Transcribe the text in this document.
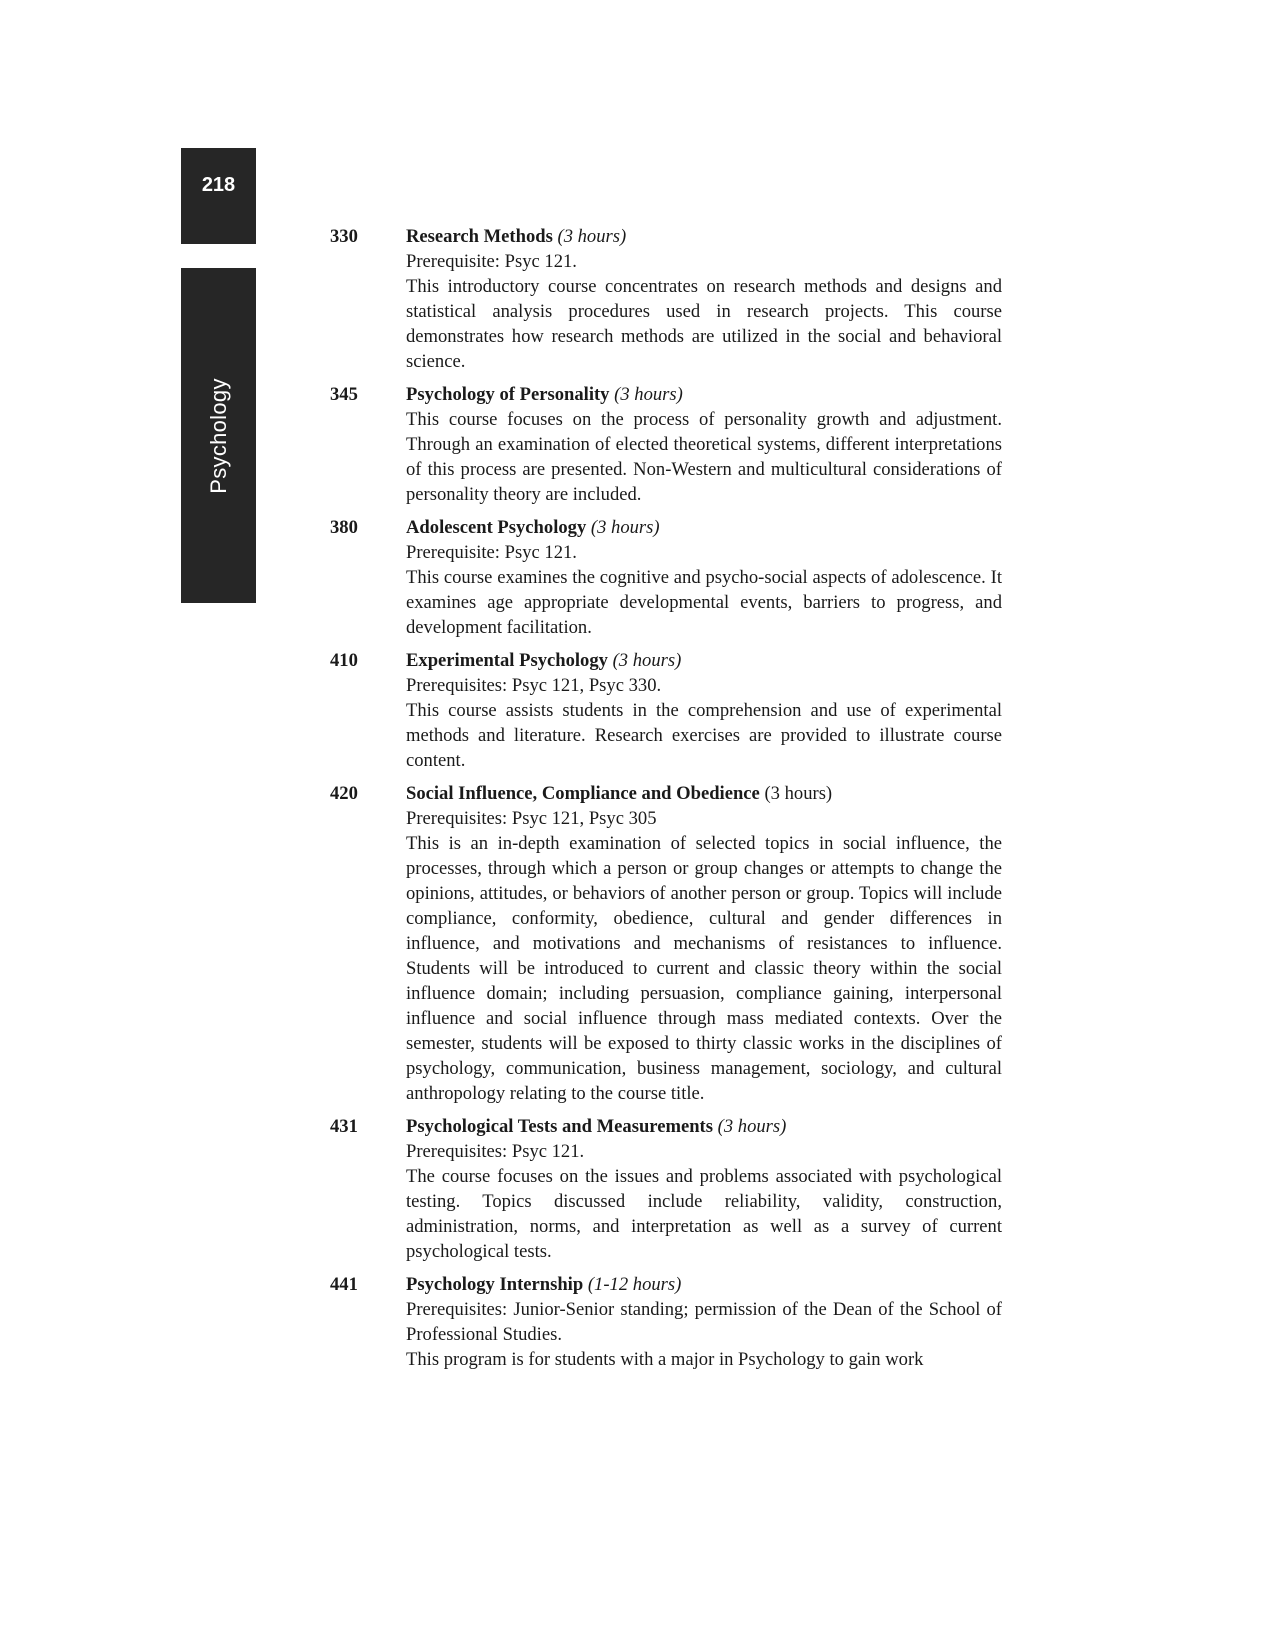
218
Psychology
330	Research Methods (3 hours)
Prerequisite: Psyc 121.
This introductory course concentrates on research methods and designs and statistical analysis procedures used in research projects. This course demonstrates how research methods are utilized in the social and behavioral science.
345	Psychology of Personality (3 hours)
This course focuses on the process of personality growth and adjustment. Through an examination of elected theoretical systems, different interpretations of this process are presented. Non-Western and multicultural considerations of personality theory are included.
380	Adolescent Psychology (3 hours)
Prerequisite: Psyc 121.
This course examines the cognitive and psycho-social aspects of adolescence. It examines age appropriate developmental events, barriers to progress, and development facilitation.
410	Experimental Psychology (3 hours)
Prerequisites: Psyc 121, Psyc 330.
This course assists students in the comprehension and use of experimental methods and literature. Research exercises are provided to illustrate course content.
420	Social Influence, Compliance and Obedience (3 hours)
Prerequisites: Psyc 121, Psyc 305
This is an in-depth examination of selected topics in social influence, the processes, through which a person or group changes or attempts to change the opinions, attitudes, or behaviors of another person or group. Topics will include compliance, conformity, obedience, cultural and gender differences in influence, and motivations and mechanisms of resistances to influence. Students will be introduced to current and classic theory within the social influence domain; including persuasion, compliance gaining, interpersonal influence and social influence through mass mediated contexts. Over the semester, students will be exposed to thirty classic works in the disciplines of psychology, communication, business management, sociology, and cultural anthropology relating to the course title.
431	Psychological Tests and Measurements (3 hours)
Prerequisites: Psyc 121.
The course focuses on the issues and problems associated with psychological testing. Topics discussed include reliability, validity, construction, administration, norms, and interpretation as well as a survey of current psychological tests.
441	Psychology Internship (1-12 hours)
Prerequisites: Junior-Senior standing; permission of the Dean of the School of Professional Studies.
This program is for students with a major in Psychology to gain work
